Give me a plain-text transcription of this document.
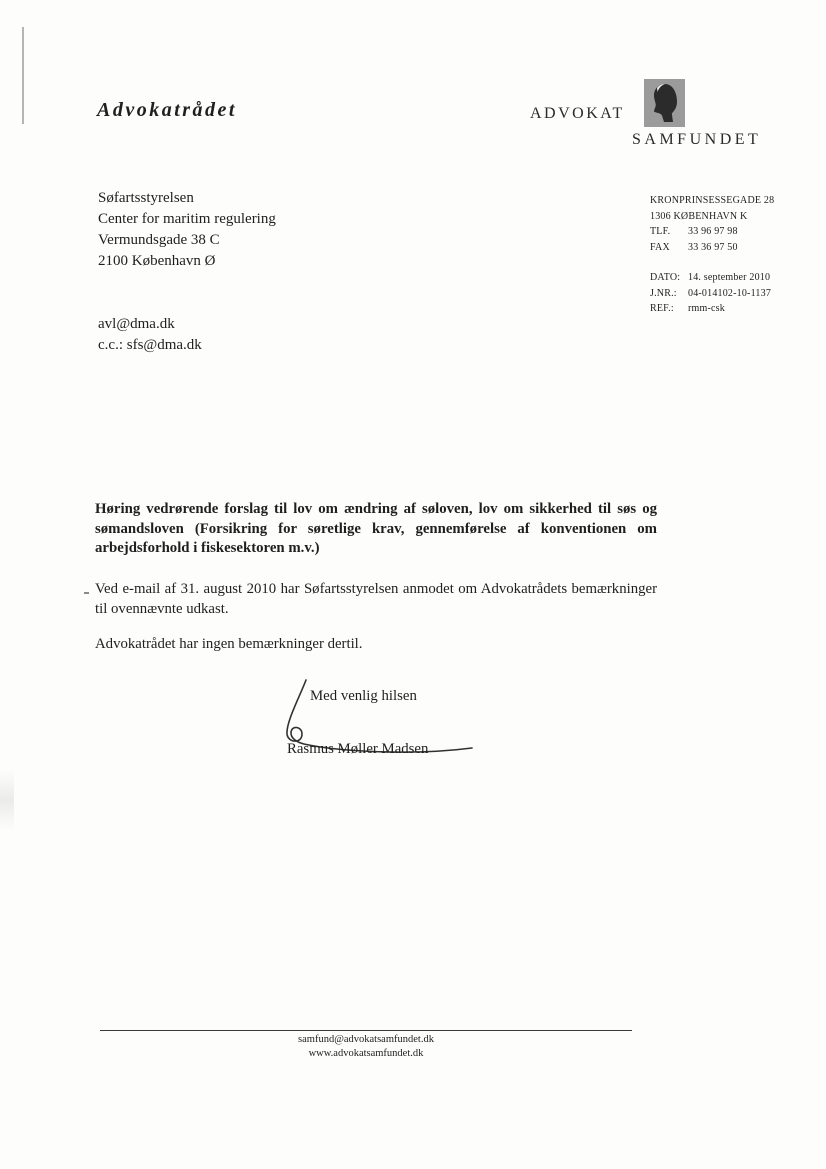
Advokatrådet	ADVOKAT
SAMFUNDET
Søfartsstyrelsen
Center for maritim regulering
Vermundsgade 38 C
2100 København Ø
KRONPRINSESSEGADE 28
1306 KØBENHAVN K
TLF.	33 96 97 98
FAX	33 36 97 50
DATO: 14. september 2010
J.NR.:	04-014102-10-1137
REF.:	rmm-csk
avl@dma.dk
c.c.: sfs@dma.dk
Høring vedrørende forslag til lov om ændring af søloven, lov om sikkerhed til søs og sømandsloven (Forsikring for søretlige krav, gennemførelse af konventionen om arbejdsforhold i fiskesektoren m.v.)
Ved e-mail af 31. august 2010 har Søfartsstyrelsen anmodet om Advokatrådets bemærkninger til ovennævnte udkast.
Advokatrådet har ingen bemærkninger dertil.
Med venlig hilsen
Rasmus Møller Madsen
samfund@advokatsamfundet.dk
www.advokatsamfundet.dk
